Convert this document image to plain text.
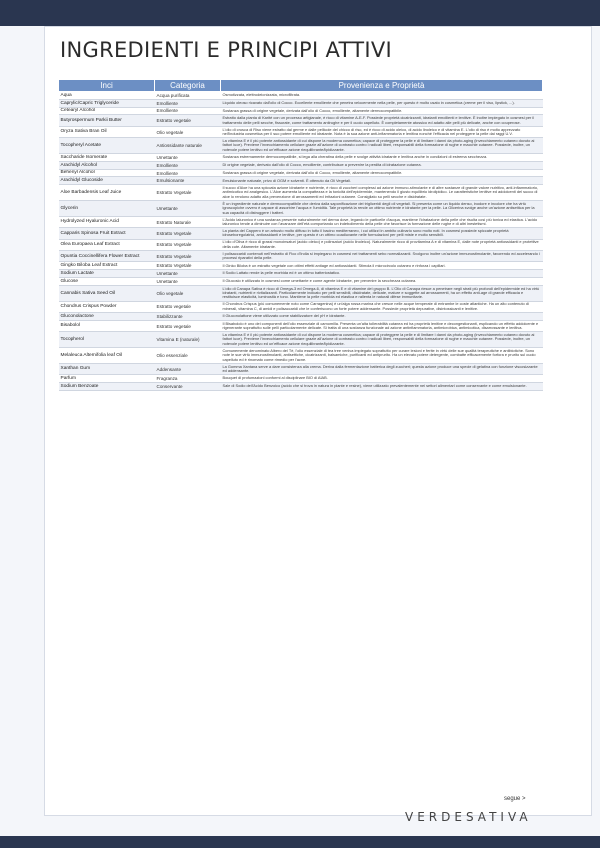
INGREDIENTI E PRINCIPI ATTIVI
Inci	Categoria	Provenienza e Proprietà
Aqua	Acqua purificata	Osmotizzata, elettrodeionizzata, microfiltrata.
Caprylic/Capric Triglyceride	Emolliente	Liquido oleoso ricavato dall'olio di Cocco. Eccellente emolliente che penetra velocemente nella pelle, per questo è molto usato in cosmetica (creme per il viso, lipstick, ...).
Cetearyl Alcohol	Emolliente	Sostanza grassa di origine vegetale, derivata dall'olio di Cocco, emolliente, altamente dermocompatibile.
Butyrospermum Parkii Butter	Estratto vegetale	Estratto dalla pianta di Karité con un processo artigianale, è ricco di vitamine A-E-F. Possiede proprietà cicatrizzanti, idratanti emollienti e lenitive. È inoltre impiegato in cosmesi per il trattamento delle pelli secche, fissurate, come trattamento antirughe e per il cuoio capelluto. È completamente atossico ed adatto alle pelli più delicate, anche con couperose.
Oryza Sativa Bran Oil	Olio vegetale	L'olio di crusca di Riso viene estratto dal germe e dalle pellicole del chicco di riso, ed è ricco di acido oleico, di acido linoleico e di vitamina E. L'olio di riso è molto apprezzato nell'industria cosmetica per il suo potere emolliente ed idratante. Nota è la sua azione anti-infiammatoria e lenitiva nonché l'efficacia nel proteggere la pelle dai raggi U.V.
Tocopheryl Acetate	Antiossidante naturale	La vitamina E è il più potente antiossidante di cui dispone la moderna cosmetica; capace di proteggere la pelle e di limitare i danni da photo-aging (invecchiamento cutaneo dovuto ai fattori luce). Previene l'invecchiamento cellulare grazie all'azione di contrasto contro i radicali liberi, responsabili della formazione di rughe e macchie cutanee. Possiede, inoltre, un notevole potere lenitivo ed un'efficace azione riequilibrante/lipidizzante.
Saccharide Isomerate	Umettante	Sostanza estremamente dermocompatibile, si lega alla cheratina della pelle e svolge attività idratante e lenitiva anche in condizioni di estrema secchezza.
Arachidyl Alcohol	Emolliente	Di origine vegetale, derivato dall'olio di Cocco, emolliente, contribuisce a prevenire la perdita di idratazione cutanea.
Behenyl Alcohol	Emolliente	Sostanza grassa di origine vegetale, derivata dall'olio di Cocco, emolliente, altamente dermocompatibile.
Arachidyl Glucoside	Emulsionante	Emulsionante naturale, privo di OGM e solventi. È ottenuto da Oli Vegetali.
Aloe Barbadensis Leaf Juice	Estratto Vegetale	Il succo d'Aloe ha una spiccata azione idratante e nutriente, è ricco di zuccheri complessi ad azione immuno-stimolante e di altre sostanze di grande valore nutritivo, anti-infiammatorio, antimicotico ed analgesico. L'Aloe aumenta la compattezza e la tonicità dell'epidermide, mantenendo il giusto equilibrio idrolipidico. Le caratteristiche lenitive ed addolcenti del succo di aloe lo rendono adatto alla prevenzione di arrossamenti ed irritazioni cutanee. Consigliato su pelli secche e disidratate.
Glycerin	Umettante	È un ingrediente naturale e dermocompatibile che deriva dalla saponificazione dei trigliceridi degli oli vegetali. Si presenta come un liquido denso, inodore e incolore che ha virtù igroscopiche ovvero è capace di assorbire l'acqua e l'umidità. Tale proprietà la rende un ottimo nutriente e idratante per la pelle. La Glicerina svolge anche un'azione antisettica per la sua capacità di distruggere i batteri.
Hydrolyzed Hyaluronic Acid	Estratto Naturale	L'Acido Ialuronico è una sostanza presente naturalmente nel derma dove, legando le particelle d'acqua, mantiene l'idratazione della pelle che risulta così più tonica ed elastica. L'acido ialuronico tende a diminuire con l'avanzare dell'età comportando un indebolimento della pelle che favorisce la formazione delle rughe e di altri inestetismi.
Capparis Spinosa Fruit Extract	Estratto Vegetale	La pianta del Cappero è un arbusto molto diffuso in tutto il bacino mediterraneo, i cui utilizzi in ambito culinario sono molto noti. In cosmesi possiede spiccate proprietà idroseboregolatrici, antiossidanti e lenitive, per questo è un ottimo coadiuvante nelle formulazioni per pelli miste e molto sensibili.
Olea Europaea Leaf Extract	Estratto Vegetale	L'olio d'Oliva è ricco di grassi monoinsaturi (acido oleico) e polinsaturi (acido linoleico). Naturalmente ricco di provitamina A e di vitamina E, dalle note proprietà antiossidanti e protettive della cute. Altamente idratante.
Opuntia Coccinellifera Flower Extract	Estratto Vegetale	I polisaccaridi contenuti nell'estratto di Fico d'India si impiegano in cosmesi nei trattamenti sebo normalizzanti. Svolgono inoltre un'azione immunostimolante, favorendo ed accelerando i processi riparativi della pelle.
Gingko Biloba Leaf Extract	Estratto Vegetale	Il Ginko Biloba è un estratto vegetale con ottimi effetti antiage ed antiossidanti. Stimola il microcircolo cutaneo e rinforza i capillari.
Sodium Lactate	Umettante	Il Sodio Lattato rende la pelle morbida ed è un ottimo batteriostatico.
Glucose	Umettante	Il Glucosio è utilizzato in cosmesi come umettante e come agente idratante, per prevenire la secchezza cutanea.
Cannabis Sativa Seed Oil	Olio vegetale	L'olio di Canapa Sativa è ricco di Omega-3 ed Omega-6, di vitamina E e di vitamine del gruppo B. L'Olio di Canapa riesce a penetrare negli strati più profondi dell'epidermide ed ha virtù idratanti, nutrienti e rivitalizzanti. Particolarmente indicato per pelli sensibili, disidratate, delicate, mature e soggette ad arrossamenti, ha un effetto anti-age di grande efficacia e restituisce elasticità, luminosità e tono. Mantiene la pelle morbida ed elastica e rallenta le naturali difese immunitarie.
Chondrus Crispus Powder	Estratto vegetale	Il Chondrus Crispus (più comunemente noto come Carragenina) è un'alga rossa marina che cresce nelle acque temperate di entrambe le coste atlantiche. Ha un alto contenuto di minerali, vitamina C, di amidi e polisaccaridi che le conferiscono un forte potere addensante. Possiede proprietà depurative, disintossicanti e lenitive.
Gluconolactone	Stabilizzante	Il Gluconolattone viene utilizzato come stabilizzatore del pH e idratante.
Bisabolol	Estratto vegetale	Il Bisabololo è uno dei componenti dell'olio essenziale di camomilla. Presenta un'alta tollerabilità cutanea ed ha proprietà lenitive e decongestionanti, esplicando un effetto addolcente e rigenerante soprattutto sulle pelli particolarmente delicate. Si tratta di una sostanza funzionale ad azione antinfiammatoria, antimicrobica, antimicotica, disarrossante e lenitiva.
Tocopherol	Vitamina E (naturale)	La vitamina E è il più potente antiossidante di cui dispone la moderna cosmetica; capace di proteggere la pelle e di limitare i danni da photo-aging (invecchiamento cutaneo dovuto ai fattori luce). Previene l'invecchiamento cellulare grazie all'azione di contrasto contro i radicali liberi, responsabili della formazione di rughe e macchie cutanee. Possiede, inoltre, un notevole potere lenitivo ed un'efficace azione riequilibrante/lipidizzante.
Melaleuca Alternifolia leaf Oil	Olio essenziale	Comunemente denominato Albero del Tè, l'olio essenziale di tea tree veniva impiegato soprattutto per curare lesioni e ferite in virtù delle sue qualità terapeutiche e antibiotiche. Sono note le sue virtù immunostimolanti, antisettiche, cicatrizzanti, balsamiche, purificanti ed antiprurito. Ha un elevato potere detergente, combatte efficacemente forfora e prurito sul cuoio capelluto ed è rinomato come rimedio per l'acne.
Xanthan Gum	Addensante	La Gomma Xantana serve a dare consistenza alla crema. Deriva dalla fermentazione batterica degli zuccheri; questa azione produce una specie di gelatina con funzione viscosizzante ed addensante.
Parfum	Fragranza	Bouquet di profumazioni conformi al disciplinare BIO di AIAB.
Sodium Benzoate	Conservante	Sale di Sodio dell'Acido Benzoico (acido che si trova in natura in piante e resine), viene utilizzato prevalentemente nei settori alimentari come conservante e come emulsionante.
segue >
VERDESATIVA
